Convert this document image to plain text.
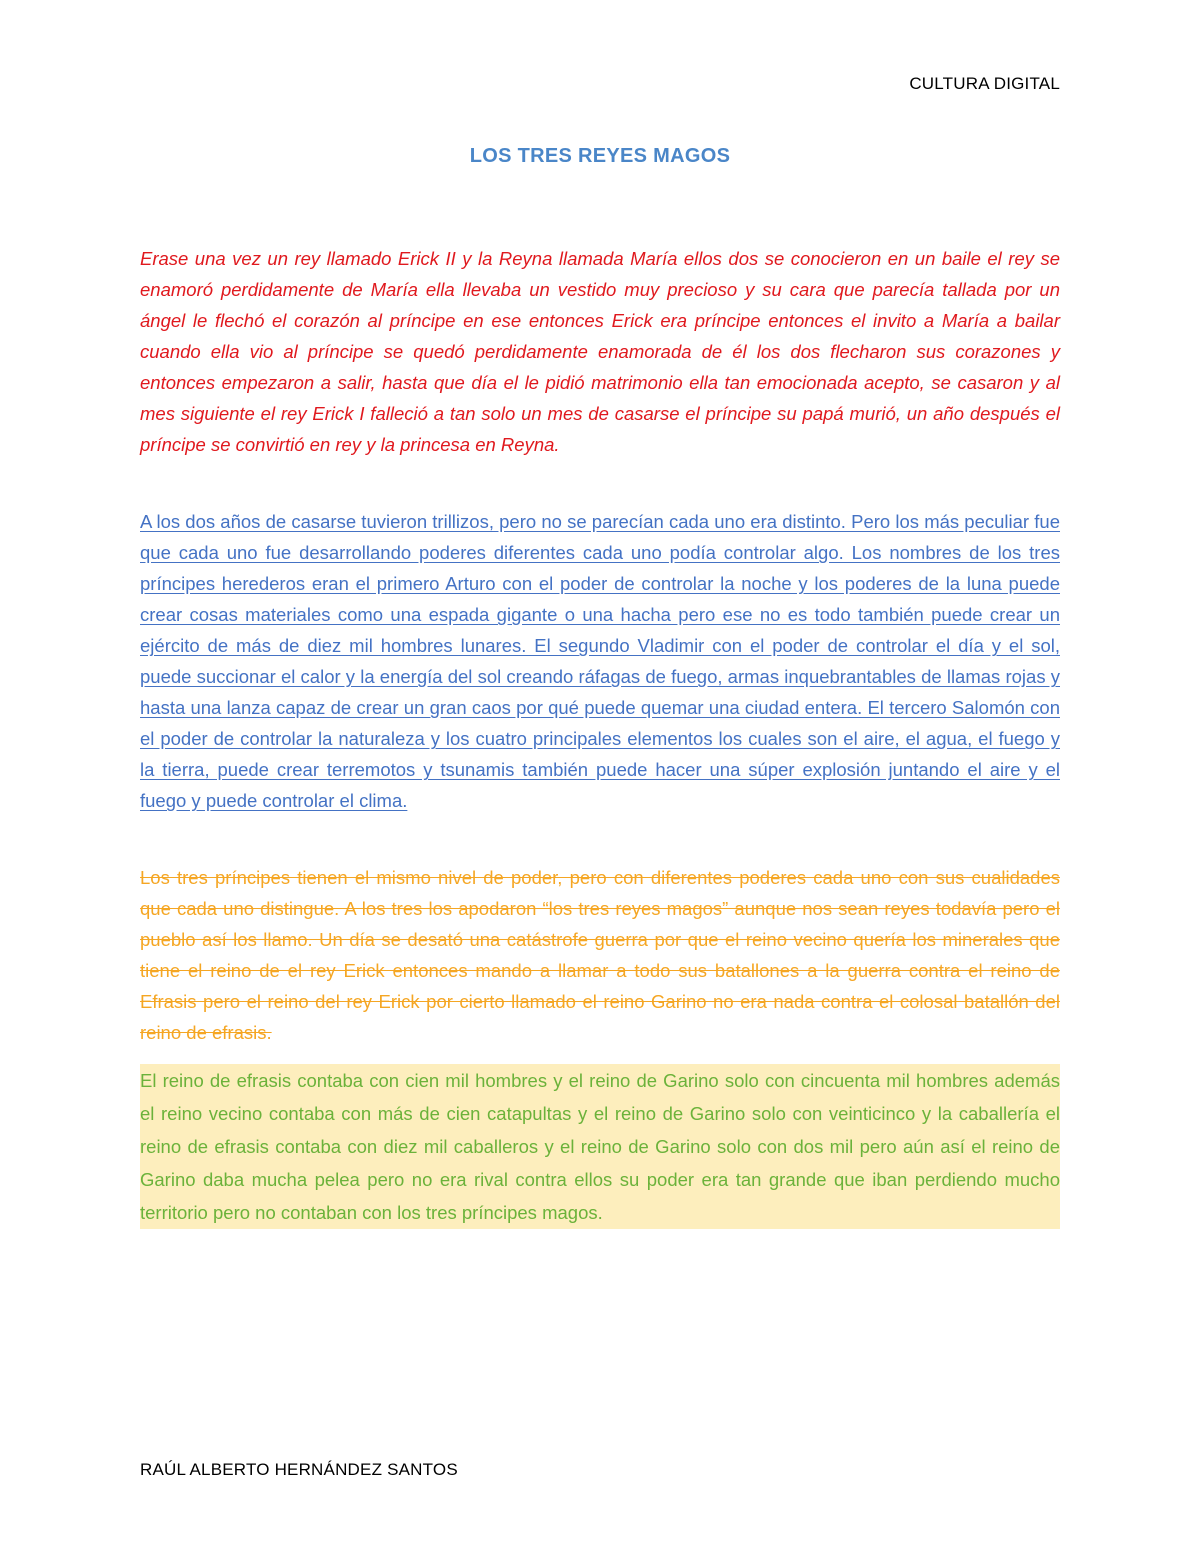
CULTURA DIGITAL
LOS TRES REYES MAGOS

Erase una vez un rey llamado Erick II y la Reyna llamada María ellos dos se conocieron en un baile el rey se enamoró perdidamente de María ella llevaba un vestido muy precioso y su cara que parecía tallada por un ángel le flechó el corazón al príncipe en ese entonces Erick era príncipe entonces el invito a María a bailar cuando ella vio al príncipe se quedó perdidamente enamorada de él los dos flecharon sus corazones y entonces empezaron a salir, hasta que día el le pidió matrimonio ella tan emocionada acepto, se casaron y al mes siguiente el rey Erick I falleció a tan solo un mes de casarse el príncipe su papá murió, un año después el príncipe se convirtió en rey y la princesa en Reyna.

A los dos años de casarse tuvieron trillizos, pero no se parecían cada uno era distinto. Pero los más peculiar fue que cada uno fue desarrollando poderes diferentes cada uno podía controlar algo. Los nombres de los tres príncipes herederos eran el primero Arturo con el poder de controlar la noche y los poderes de la luna puede crear cosas materiales como una espada gigante o una hacha pero ese no es todo también puede crear un ejército de más de diez mil hombres lunares. El segundo Vladimir con el poder de controlar el día y el sol, puede succionar el calor y la energía del sol creando ráfagas de fuego, armas inquebrantables de llamas rojas y hasta una lanza capaz de crear un gran caos por qué puede quemar una ciudad entera. El tercero Salomón con el poder de controlar la naturaleza y los cuatro principales elementos los cuales son el aire, el agua, el fuego y la tierra, puede crear terremotos y tsunamis también puede hacer una súper explosión juntando el aire y el fuego y puede controlar el clima.

Los tres príncipes tienen el mismo nivel de poder, pero con diferentes poderes cada uno con sus cualidades que cada uno distingue. A los tres los apodaron “los tres reyes magos” aunque nos sean reyes todavía pero el pueblo así los llamo. Un día se desató una catástrofe guerra por que el reino vecino quería los minerales que tiene el reino de el rey Erick entonces mando a llamar a todo sus batallones a la guerra contra el reino de Efrasis pero el reino del rey Erick por cierto llamado el reino Garino no era nada contra el colosal batallón del reino de efrasis.

El reino de efrasis contaba con cien mil hombres y el reino de Garino solo con cincuenta mil hombres además el reino vecino contaba con más de cien catapultas y el reino de Garino solo con veinticinco y la caballería el reino de efrasis contaba con diez mil caballeros y el reino de Garino solo con dos mil pero aún así el reino de Garino daba mucha pelea pero no era rival contra ellos su poder era tan grande que iban perdiendo mucho territorio pero no contaban con los tres príncipes magos.

RAÚL ALBERTO HERNÁNDEZ SANTOS
